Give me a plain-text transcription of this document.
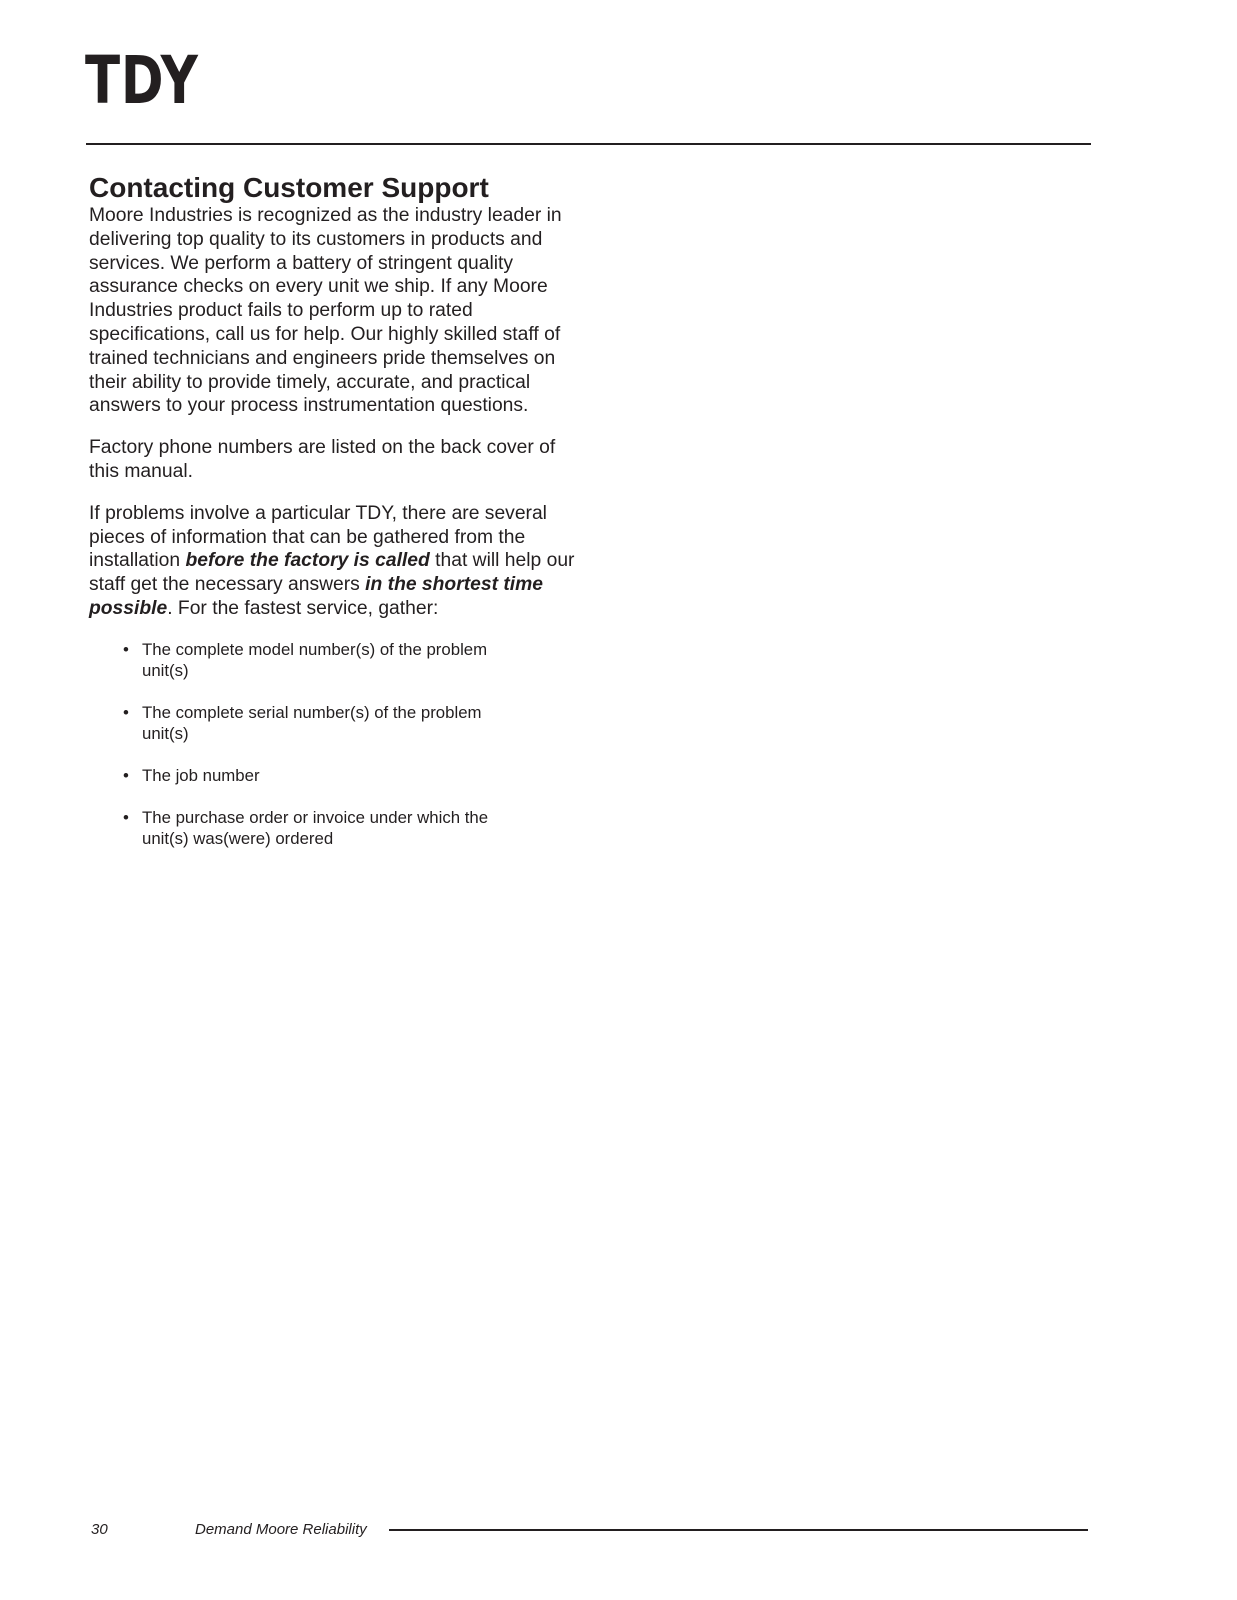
TDY
Contacting Customer Support

Moore Industries is recognized as the industry leader in delivering top quality to its customers in products and services. We perform a battery of stringent quality assurance checks on every unit we ship. If any Moore Industries product fails to perform up to rated specifications, call us for help. Our highly skilled staff of trained technicians and engineers pride themselves on their ability to provide timely, accurate, and practical answers to your process instrumentation questions.

Factory phone numbers are listed on the back cover of this manual.

If problems involve a particular TDY, there are several pieces of information that can be gathered from the installation before the factory is called that will help our staff get the necessary answers in the shortest time possible. For the fastest service, gather:

• The complete model number(s) of the problem unit(s)
• The complete serial number(s) of the problem unit(s)
• The job number
• The purchase order or invoice under which the unit(s) was(were) ordered
30	Demand Moore Reliability
